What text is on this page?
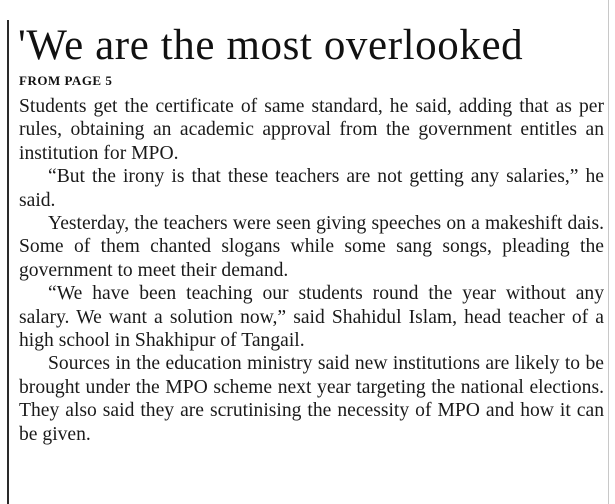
'We are the most overlooked
FROM PAGE 5

Students get the certificate of same standard, he said, adding that as per rules, obtaining an academic approval from the government entitles an institution for MPO.

“But the irony is that these teachers are not getting any salaries,” he said.

Yesterday, the teachers were seen giving speeches on a makeshift dais. Some of them chanted slogans while some sang songs, pleading the government to meet their demand.

“We have been teaching our students round the year without any salary. We want a solution now,” said Shahidul Islam, head teacher of a high school in Shakhipur of Tangail.

Sources in the education ministry said new institutions are likely to be brought under the MPO scheme next year targeting the national elections. They also said they are scrutinising the necessity of MPO and how it can be given.
